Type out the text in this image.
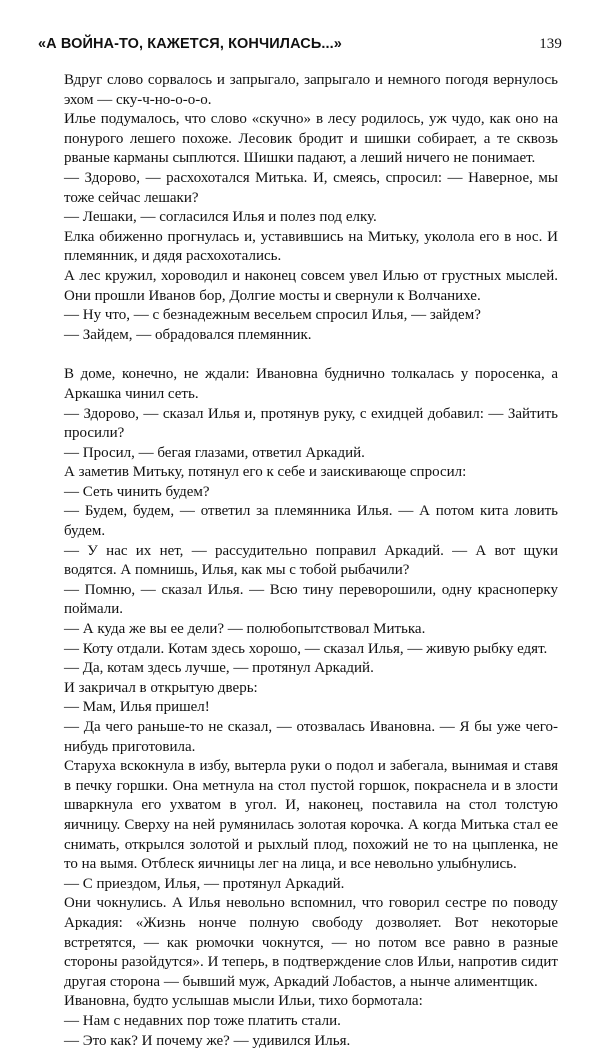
«А ВОЙНА-ТО, КАЖЕТСЯ, КОНЧИЛАСЬ...»	139

Вдруг слово сорвалось и запрыгало, запрыгало и немного погодя вернулось эхом — ску-ч-но-о-о-о.

Илье подумалось, что слово «скучно» в лесу родилось, уж чудо, как оно на понурого лешего похоже. Лесовик бродит и шишки собирает, а те сквозь рваные карманы сыплются. Шишки падают, а леший ничего не понимает.

— Здорово, — расхохотался Митька. И, смеясь, спросил: — Наверное, мы тоже сейчас лешаки?

— Лешаки, — согласился Илья и полез под елку.

Елка обиженно прогнулась и, уставившись на Митьку, уколола его в нос. И племянник, и дядя расхохотались.

А лес кружил, хороводил и наконец совсем увел Илью от грустных мыслей. Они прошли Иванов бор, Долгие мосты и свернули к Волчанихе.

— Ну что, — с безнадежным весельем спросил Илья, — зайдем?

— Зайдем, — обрадовался племянник.

В доме, конечно, не ждали: Ивановна буднично толкалась у поросенка, а Аркашка чинил сеть.

— Здорово, — сказал Илья и, протянув руку, с ехидцей добавил: — Зайтить просили?

— Просил, — бегая глазами, ответил Аркадий.

А заметив Митьку, потянул его к себе и заискивающе спросил:

— Сеть чинить будем?

— Будем, будем, — ответил за племянника Илья. — А потом кита ловить будем.

— У нас их нет, — рассудительно поправил Аркадий. — А вот щуки водятся. А помнишь, Илья, как мы с тобой рыбачили?

— Помню, — сказал Илья. — Всю тину переворошили, одну красноперку поймали.

— А куда же вы ее дели? — полюбопытствовал Митька.

— Коту отдали. Котам здесь хорошо, — сказал Илья, — живую рыбку едят.

— Да, котам здесь лучше, — протянул Аркадий.

И закричал в открытую дверь:

— Мам, Илья пришел!

— Да чего раньше-то не сказал, — отозвалась Ивановна. — Я бы уже чего-нибудь приготовила.

Старуха вскокнула в избу, вытерла руки о подол и забегала, вынимая и ставя в печку горшки. Она метнула на стол пустой горшок, покраснела и в злости шваркнула его ухватом в угол. И, наконец, поставила на стол толстую яичницу. Сверху на ней румянилась золотая корочка. А когда Митька стал ее снимать, открылся золотой и рыхлый плод, похожий не то на цыпленка, не то на вымя. Отблеск яичницы лег на лица, и все невольно улыбнулись.

— С приездом, Илья, — протянул Аркадий.

Они чокнулись. А Илья невольно вспомнил, что говорил сестре по поводу Аркадия: «Жизнь нонче полную свободу дозволяет. Вот некоторые встретятся, — как рюмочки чокнутся, — но потом все равно в разные стороны разойдутся». И теперь, в подтверждение слов Ильи, напротив сидит другая сторона — бывший муж, Аркадий Лобастов, а нынче алиментщик.

Ивановна, будто услышав мысли Ильи, тихо бормотала:

— Нам с недавних пор тоже платить стали.

— Это как? И почему же? — удивился Илья.
